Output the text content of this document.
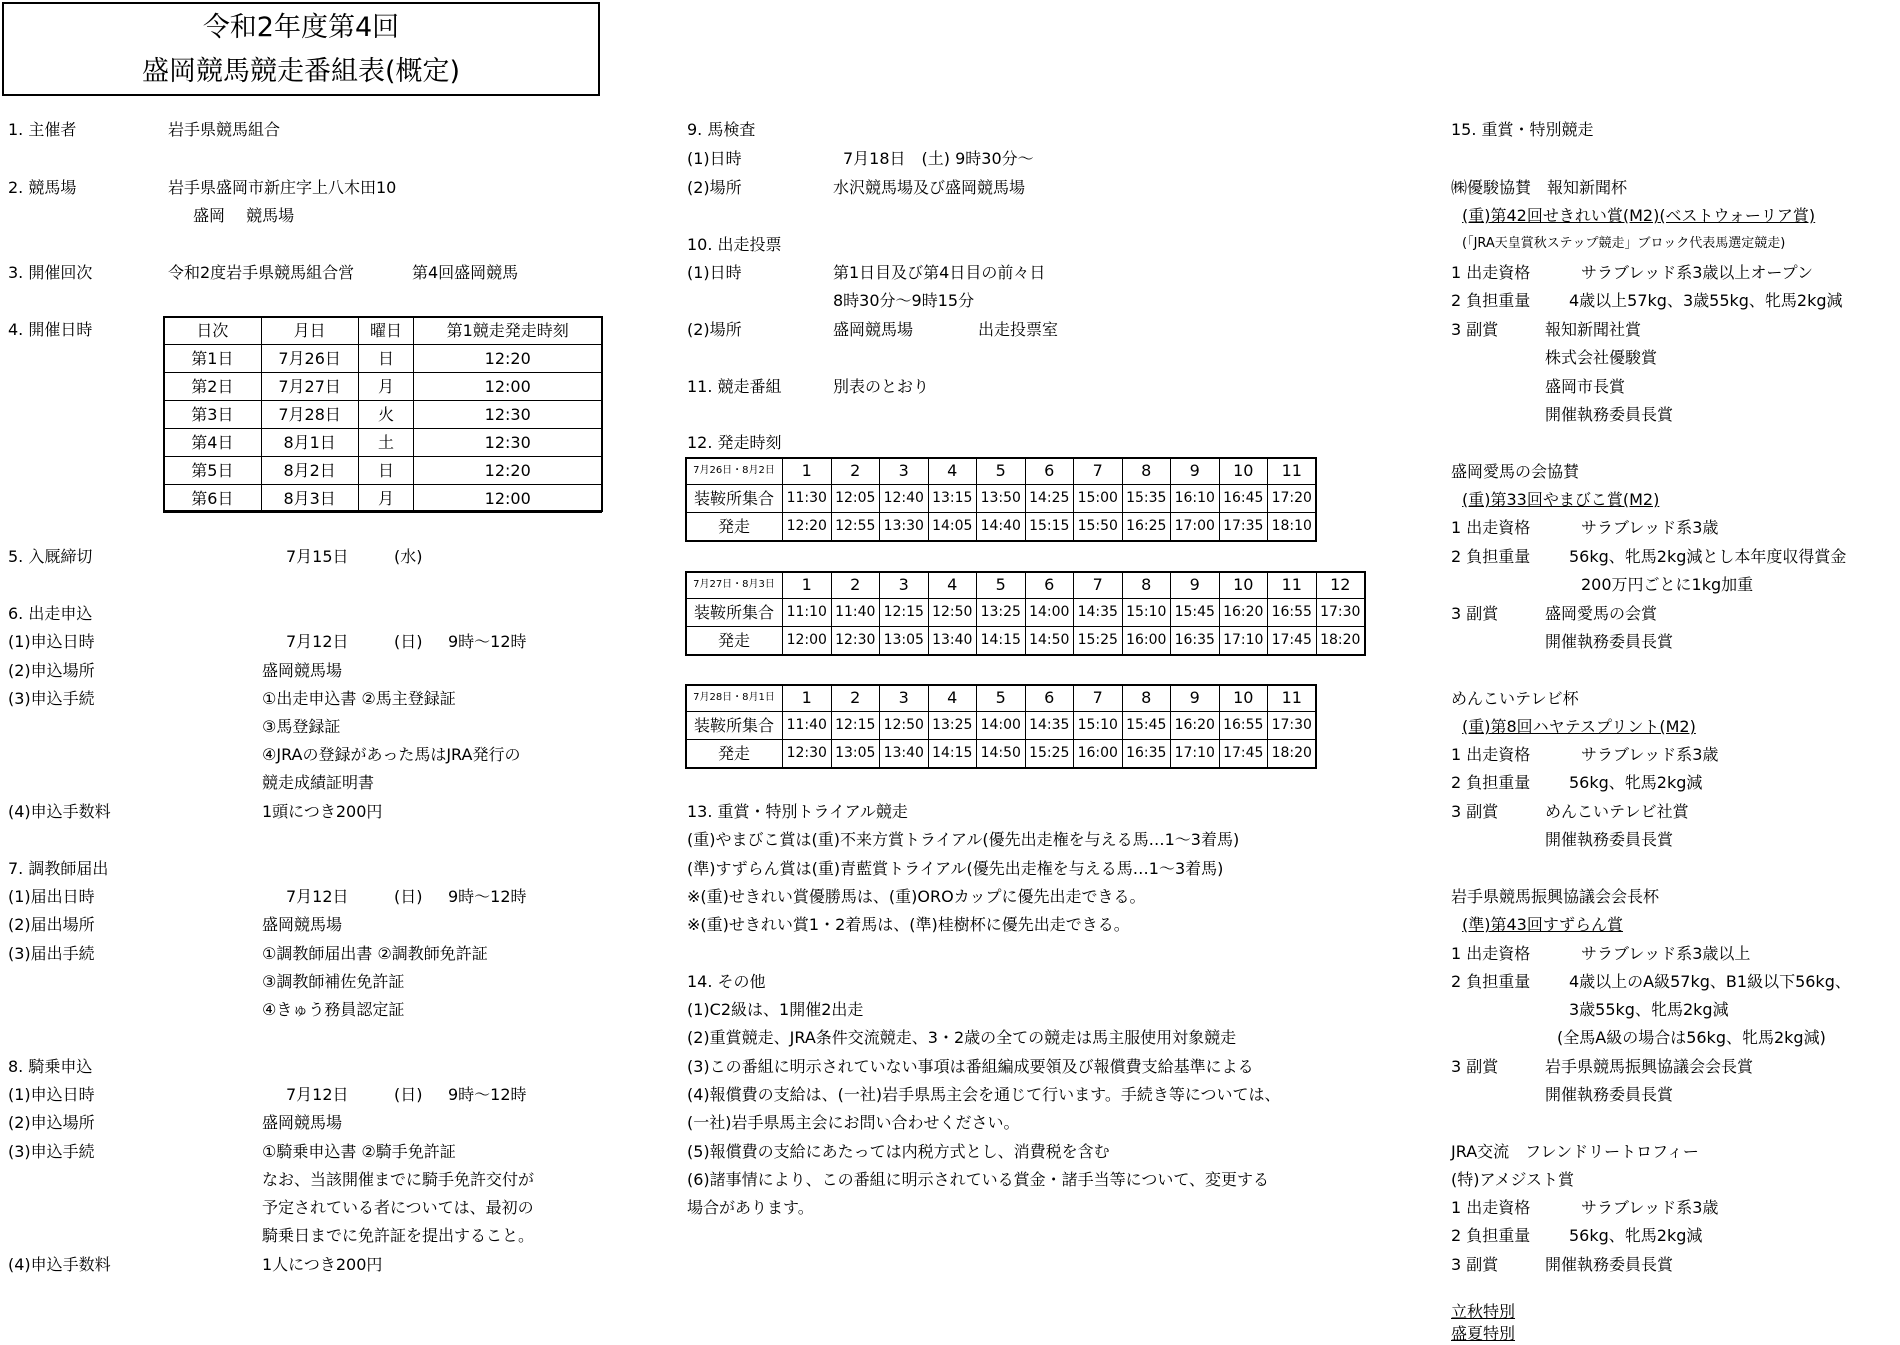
令和2年度第4回
盛岡競馬競走番組表(概定)
1. 主催者	岩手県競馬組合
2. 競馬場	岩手県盛岡市新庄字上八木田10
盛岡　 競馬場
3. 開催回次	令和2度岩手県競馬組合営	第4回盛岡競馬
4. 開催日時	日次	月日	曜日	第1競走発走時刻
第1日	7月26日	日	12:20
第2日	7月27日	月	12:00
第3日	7月28日	火	12:30
第4日	8月1日	土	12:30
第5日	8月2日	日	12:20
第6日	8月3日	月	12:00
5. 入厩締切	7月15日	(水)
6. 出走申込
(1)申込日時	7月12日	(日) 9時～12時
(2)申込場所	盛岡競馬場
(3)申込手続	①出走申込書 ②馬主登録証
③馬登録証
④JRAの登録があった馬はJRA発行の
競走成績証明書
(4)申込手数料	1頭につき200円
7. 調教師届出
(1)届出日時	7月12日	(日) 9時～12時
(2)届出場所	盛岡競馬場
(3)届出手続	①調教師届出書 ②調教師免許証
③調教師補佐免許証
④きゅう務員認定証
8. 騎乗申込
(1)申込日時	7月12日	(日) 9時～12時
(2)申込場所	盛岡競馬場
(3)申込手続	①騎乗申込書 ②騎手免許証
なお、当該開催までに騎手免許交付が
予定されている者については、最初の
騎乗日までに免許証を提出すること。
(4)申込手数料	1人につき200円
9. 馬検査
(1)日時	7月18日　(土) 9時30分～
(2)場所	水沢競馬場及び盛岡競馬場
10. 出走投票
(1)日時	第1日目及び第4日目の前々日
8時30分～9時15分
(2)場所	盛岡競馬場	出走投票室
11. 競走番組	別表のとおり
12. 発走時刻
7月26日・8月2日	1	2	3	4	5	6	7	8	9	10	11
装鞍所集合	11:30	12:05	12:40	13:15	13:50	14:25	15:00	15:35	16:10	16:45	17:20
発走	12:20	12:55	13:30	14:05	14:40	15:15	15:50	16:25	17:00	17:35	18:10
7月27日・8月3日	1	2	3	4	5	6	7	8	9	10	11	12
装鞍所集合	11:10	11:40	12:15	12:50	13:25	14:00	14:35	15:10	15:45	16:20	16:55	17:30
発走	12:00	12:30	13:05	13:40	14:15	14:50	15:25	16:00	16:35	17:10	17:45	18:20
7月28日・8月1日	1	2	3	4	5	6	7	8	9	10	11
装鞍所集合	11:40	12:15	12:50	13:25	14:00	14:35	15:10	15:45	16:20	16:55	17:30
発走	12:30	13:05	13:40	14:15	14:50	15:25	16:00	16:35	17:10	17:45	18:20
13. 重賞・特別トライアル競走
(重)やまびこ賞は(重)不来方賞トライアル(優先出走権を与える馬…1～3着馬)
(準)すずらん賞は(重)青藍賞トライアル(優先出走権を与える馬…1～3着馬)
※(重)せきれい賞優勝馬は、(重)OROカップに優先出走できる。
※(重)せきれい賞1・2着馬は、(準)桂樹杯に優先出走できる。
14. その他
(1)C2級は、1開催2出走
(2)重賞競走、JRA条件交流競走、3・2歳の全ての競走は馬主服使用対象競走
(3)この番組に明示されていない事項は番組編成要領及び報償費支給基準による
(4)報償費の支給は、(一社)岩手県馬主会を通じて行います。手続き等については、
(一社)岩手県馬主会にお問い合わせください。
(5)報償費の支給にあたっては内税方式とし、消費税を含む
(6)諸事情により、この番組に明示されている賞金・諸手当等について、変更する
場合があります。
15. 重賞・特別競走
㈱優駿協賛　報知新聞杯
(重)第42回せきれい賞(M2)(ベストウォーリア賞)
(「JRA天皇賞秋ステップ競走」ブロック代表馬選定競走)
1 出走資格	サラブレッド系3歳以上オープン
2 負担重量 4歳以上57kg、3歳55kg、牝馬2kg減
3 副賞	報知新聞社賞
株式会社優駿賞
盛岡市長賞
開催執務委員長賞
盛岡愛馬の会協賛
(重)第33回やまびこ賞(M2)
1 出走資格	サラブレッド系3歳
2 負担重量 56kg、牝馬2kg減とし本年度収得賞金
200万円ごとに1kg加重
3 副賞	盛岡愛馬の会賞
開催執務委員長賞
めんこいテレビ杯
(重)第8回ハヤテスプリント(M2)
1 出走資格	サラブレッド系3歳
2 負担重量 56kg、牝馬2kg減
3 副賞	めんこいテレビ社賞
開催執務委員長賞
岩手県競馬振興協議会会長杯
(準)第43回すずらん賞
1 出走資格	サラブレッド系3歳以上
2 負担重量 4歳以上のA級57kg、B1級以下56kg、
3歳55kg、牝馬2kg減
(全馬A級の場合は56kg、牝馬2kg減)
3 副賞	岩手県競馬振興協議会会長賞
開催執務委員長賞
JRA交流　フレンドリートロフィー
(特)アメジスト賞
1 出走資格	サラブレッド系3歳
2 負担重量 56kg、牝馬2kg減
3 副賞	開催執務委員長賞
立秋特別
盛夏特別
